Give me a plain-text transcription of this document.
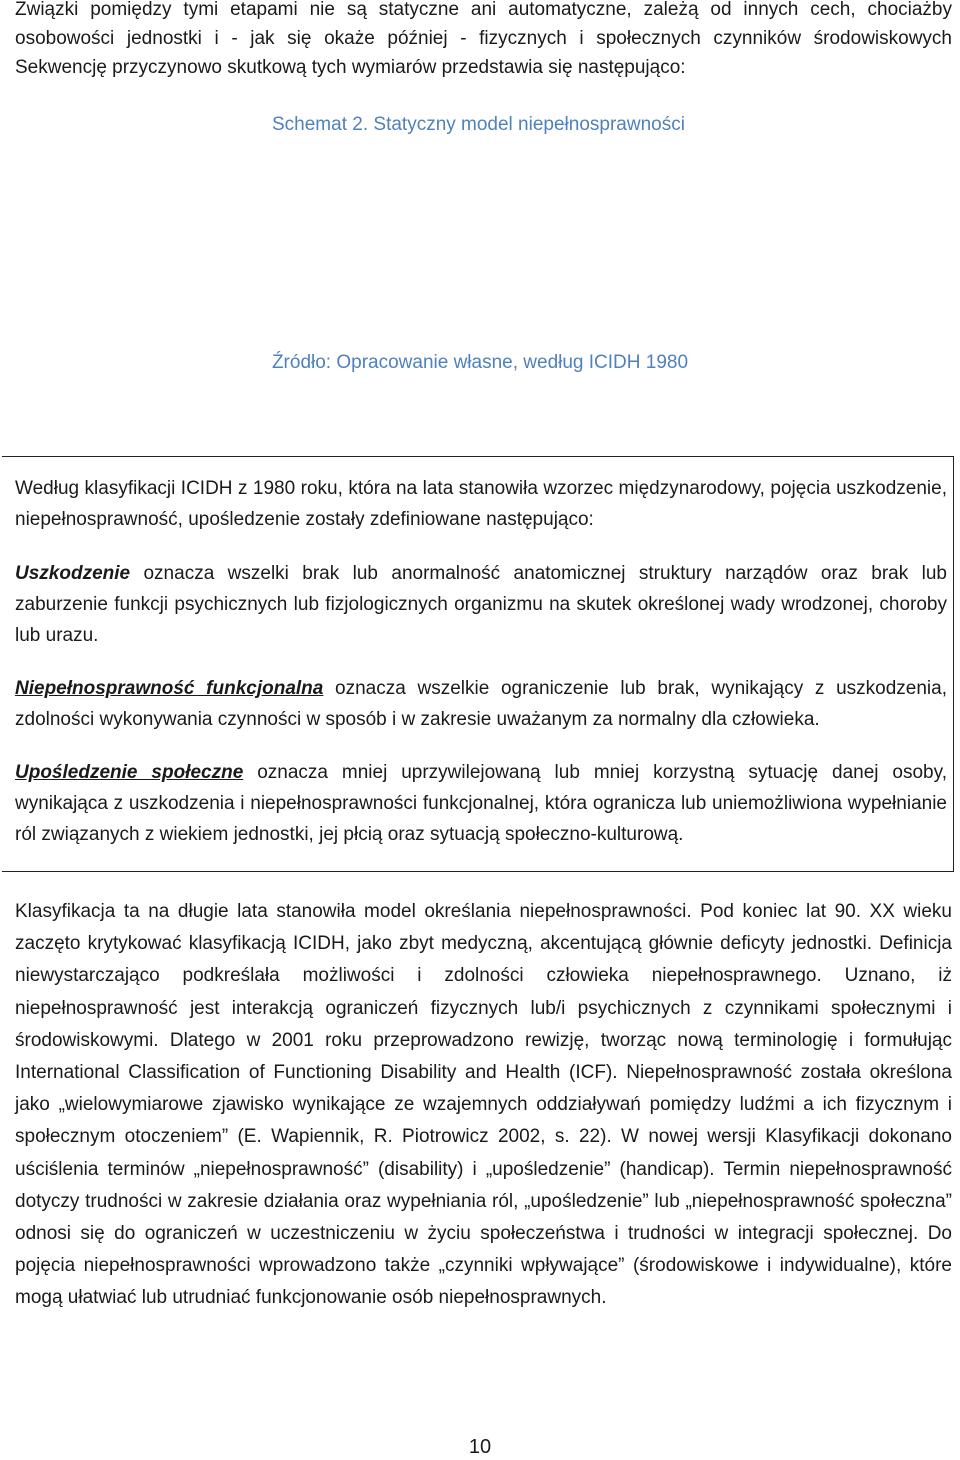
Związki pomiędzy tymi etapami nie są statyczne ani automatyczne, zależą od innych cech, chociażby osobowości jednostki i - jak się okaże później - fizycznych i społecznych czynników środowiskowych Sekwencję przyczynowo skutkową tych wymiarów przedstawia się następująco:

Schemat 2. Statyczny model niepełnosprawności

Źródło: Opracowanie własne, według ICIDH 1980

Według klasyfikacji ICIDH z 1980 roku, która na lata stanowiła wzorzec międzynarodowy, pojęcia uszkodzenie, niepełnosprawność, upośledzenie zostały zdefiniowane następująco:

Uszkodzenie oznacza wszelki brak lub anormalność anatomicznej struktury narządów oraz brak lub zaburzenie funkcji psychicznych lub fizjologicznych organizmu na skutek określonej wady wrodzonej, choroby lub urazu.

Niepełnosprawność funkcjonalna oznacza wszelkie ograniczenie lub brak, wynikający z uszkodzenia, zdolności wykonywania czynności w sposób i w zakresie uważanym za normalny dla człowieka.

Upośledzenie społeczne oznacza mniej uprzywilejowaną lub mniej korzystną sytuację danej osoby, wynikająca z uszkodzenia i niepełnosprawności funkcjonalnej, która ogranicza lub uniemożliwiona wypełnianie ról związanych z wiekiem jednostki, jej płcią oraz sytuacją społeczno-kulturową.

Klasyfikacja ta na długie lata stanowiła model określania niepełnosprawności. Pod koniec lat 90. XX wieku zaczęto krytykować klasyfikacją ICIDH, jako zbyt medyczną, akcentującą głównie deficyty jednostki. Definicja niewystarczająco podkreślała możliwości i zdolności człowieka niepełnosprawnego. Uznano, iż niepełnosprawność jest interakcją ograniczeń fizycznych lub/i psychicznych z czynnikami społecznymi i środowiskowymi. Dlatego w 2001 roku przeprowadzono rewizję, tworząc nową terminologię i formułując International Classification of Functioning Disability and Health (ICF). Niepełnosprawność została określona jako „wielowymiarowe zjawisko wynikające ze wzajemnych oddziaływań pomiędzy ludźmi a ich fizycznym i społecznym otoczeniem” (E. Wapiennik, R. Piotrowicz 2002, s. 22). W nowej wersji Klasyfikacji dokonano uściślenia terminów „niepełnosprawność” (disability) i „upośledzenie” (handicap). Termin niepełnosprawność dotyczy trudności w zakresie działania oraz wypełniania ról, „upośledzenie” lub „niepełnosprawność społeczna” odnosi się do ograniczeń w uczestniczeniu w życiu społeczeństwa i trudności w integracji społecznej. Do pojęcia niepełnosprawności wprowadzono także „czynniki wpływające” (środowiskowe i indywidualne), które mogą ułatwiać lub utrudniać funkcjonowanie osób niepełnosprawnych.

10
